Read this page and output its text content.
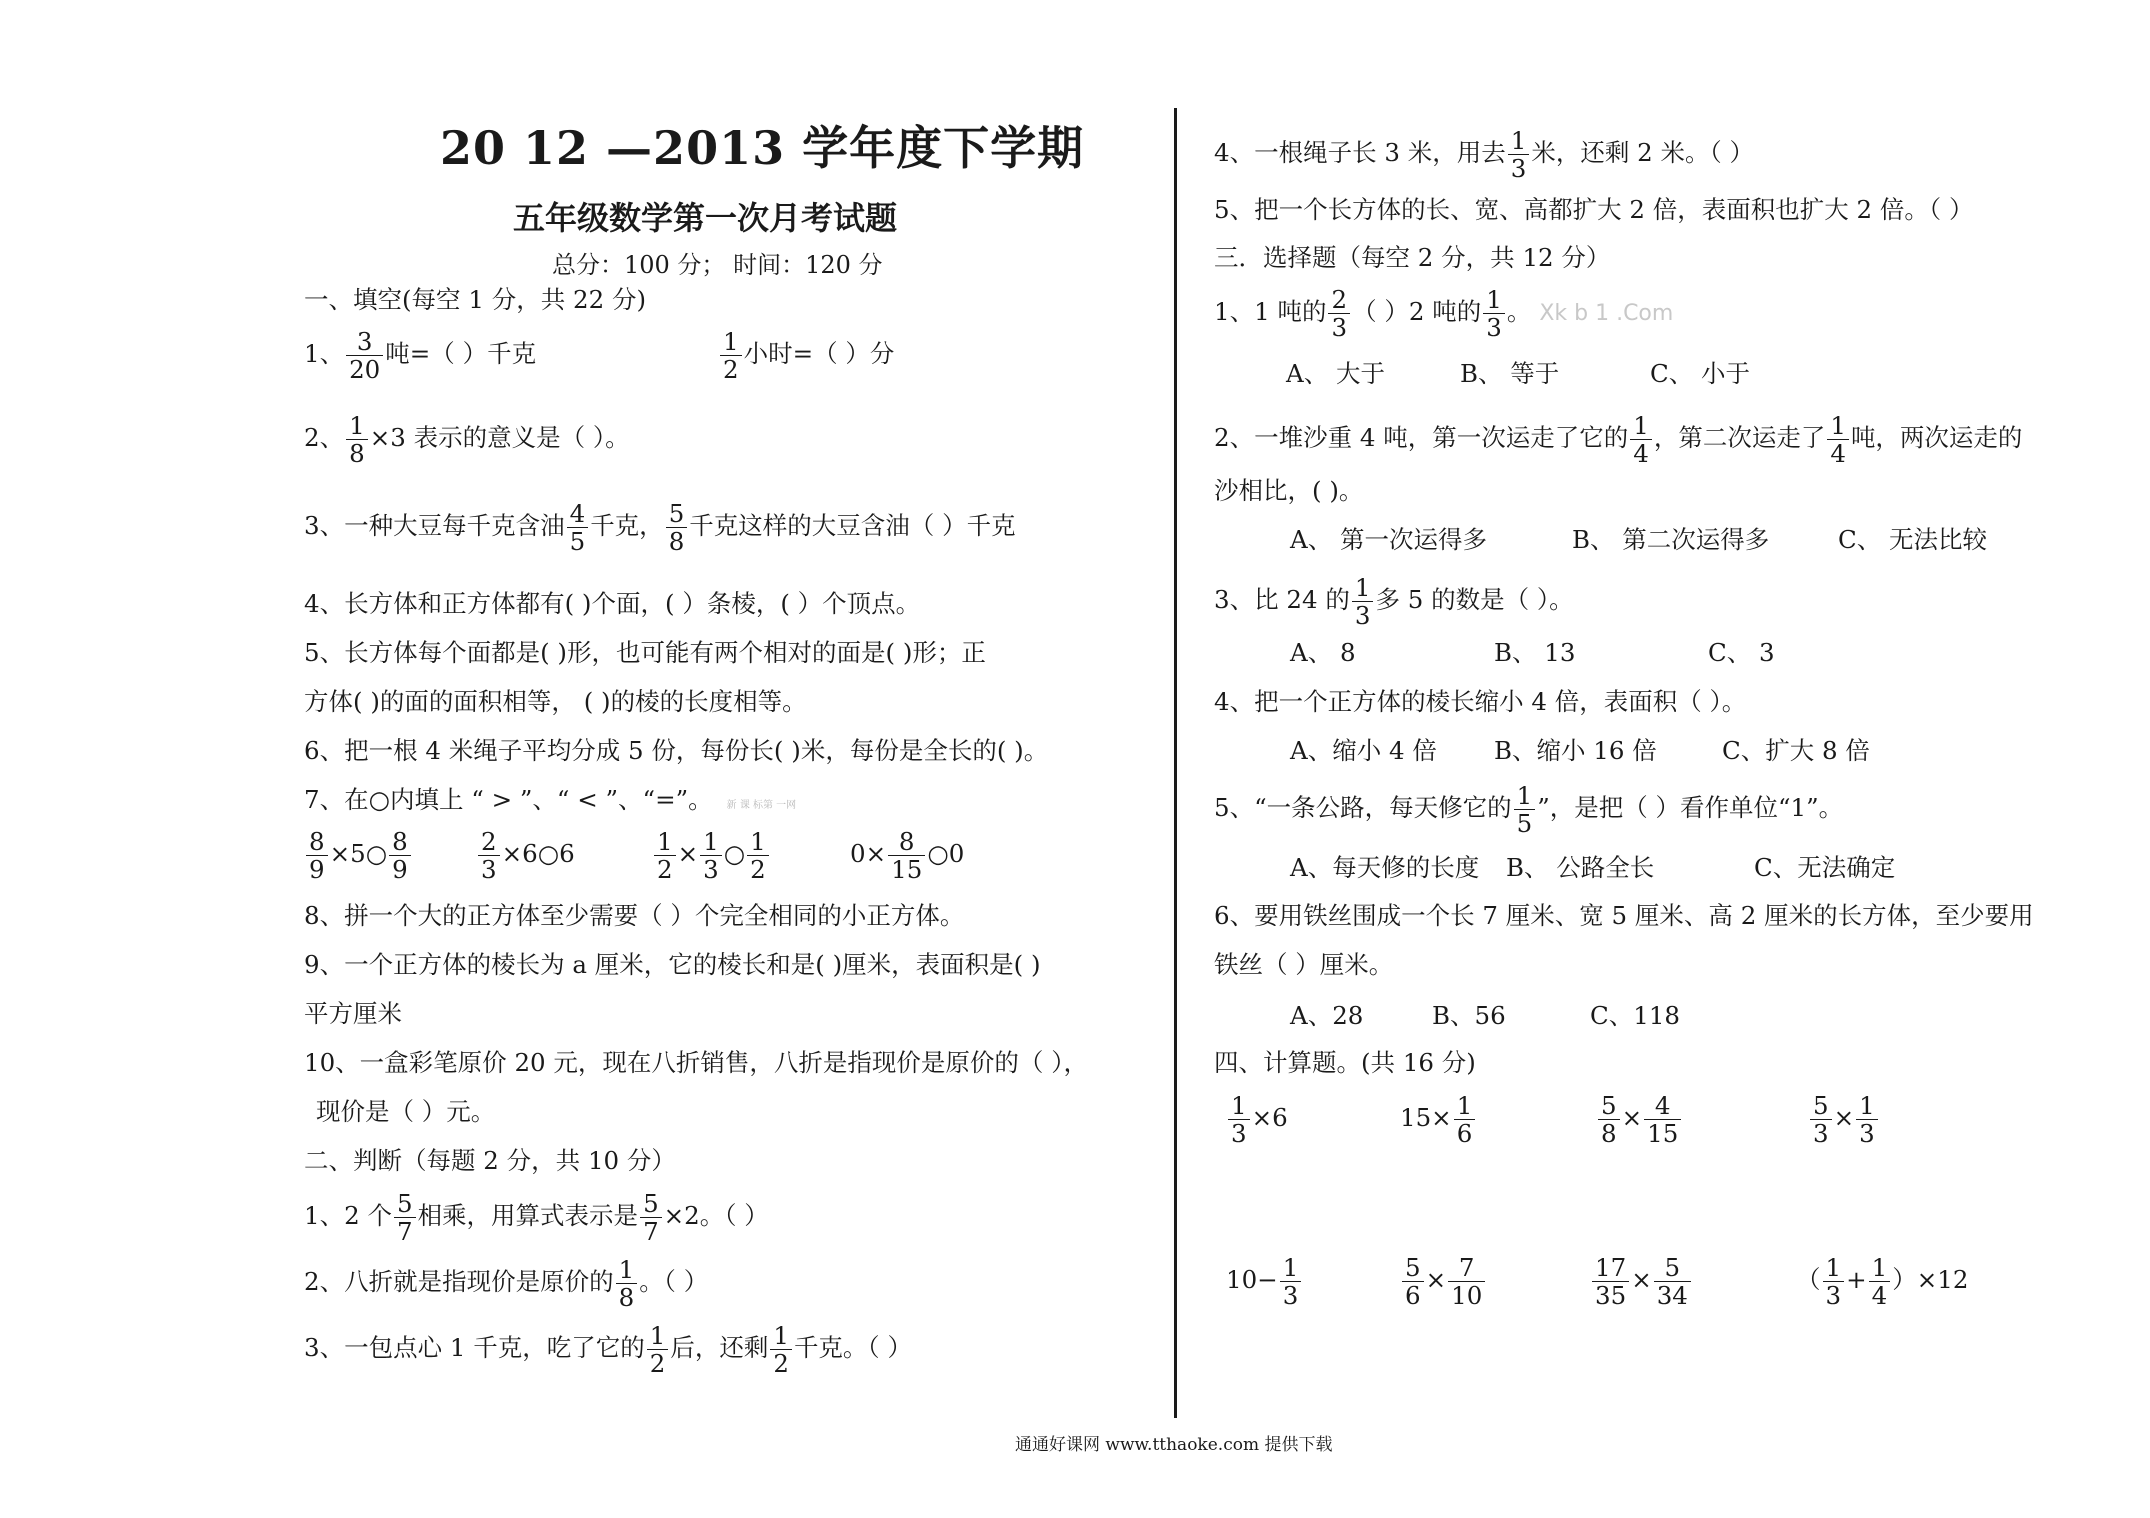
20 12 —2013 学年度下学期
五年级数学第一次月考试题
总分：100 分； 时间：120 分
一、填空(每空 1 分，共 22 分)
1、 $\frac{3}{20}$ 吨=（ ）千克	$\frac{1}{2}$ 小时=（ ）分
2、 $\frac{1}{8} \times 3$ 表示的意义是（ ）。
3、一种大豆每千克含油 $\frac{4}{5}$ 千克， $\frac{5}{8}$ 千克这样的大豆含油（ ）千克
4、长方体和正方体都有( )个面，( ）条棱，( ）个顶点。
5、长方体每个面都是( )形，也可能有两个相对的面是( )形；正
方体( )的面的面积相等， ( )的棱的长度相等。
6、把一根 4 米绳子平均分成 5 份，每份长( )米，每份是全长的( )。
7、在○内填上 “ > ”、“ < ”、“=”。 新 课 标第 一网
$\frac{8}{9}$ ×5○ $\frac{8}{9}$	$\frac{2}{3}$ ×6○6	$\frac{1}{2} \times \frac{1}{3}$ ○ $\frac{1}{2}$	$0\times \frac{8}{15}$ ○0
8、拼一个大的正方体至少需要（ ）个完全相同的小正方体。
9、一个正方体的棱长为 a 厘米，它的棱长和是( )厘米，表面积是( )
平方厘米
10、一盒彩笔原价 20 元，现在八折销售，八折是指现价是原价的（ ），
现价是（ ）元。
二、判断（每题 2 分，共 10 分）
1、2 个 $\frac{5}{7}$ 相乘，用算式表示是 $\frac{5}{7} \times 2$。（ ）
2、八折就是指现价是原价的 $\frac{1}{8}$ 。（ ）
3、一包点心 1 千克，吃了它的 $\frac{1}{2}$ 后，还剩 $\frac{1}{2}$ 千克。（ ）
4、一根绳子长 3 米，用去 $\frac{1}{3}$ 米，还剩 2 米。（ ）
5、把一个长方体的长、宽、高都扩大 2 倍，表面积也扩大 2 倍。（ ）
三．选择题（每空 2 分，共 12 分）
1、1 吨的 $\frac{2}{3}$ （ ）2 吨的 $\frac{1}{3}$ 。 Xk b 1 .Com
A、 大于	B、 等于	C、 小于
2、一堆沙重 4 吨，第一次运走了它的 $\frac{1}{4}$ ，第二次运走了 $\frac{1}{4}$ 吨，两次运走的
沙相比，( )。
A、 第一次运得多	B、 第二次运得多	C、 无法比较
3、比 24 的 $\frac{1}{3}$ 多 5 的数是（ ）。
A、 8	B、 13	C、 3
4、把一个正方体的棱长缩小 4 倍，表面积（ ）。
A、缩小 4 倍 B、缩小 16 倍	C、扩大 8 倍
5、“一条公路，每天修它的 $\frac{1}{5}$ ”，是把（ ）看作单位“1”。
A、每天修的长度 B、 公路全长	C、无法确定
6、要用铁丝围成一个长 7 厘米、宽 5 厘米、高 2 厘米的长方体，至少要用
铁丝（ ）厘米。
A、28	B、56	C、118
四、计算题。(共 16 分)
$\frac{1}{3} \times 6$	$15\times \frac{1}{6}$	$\frac{5}{8} \times \frac{4}{15}$	$\frac{5}{3} \times \frac{1}{3}$
$10- \frac{1}{3}$	$\frac{5}{6} \times \frac{7}{10}$	$\frac{17}{35} \times \frac{5}{34}$	（ $\frac{1}{3} + \frac{1}{4} )\times 12$
通通好课网 www.tthaoke.com 提供下载
